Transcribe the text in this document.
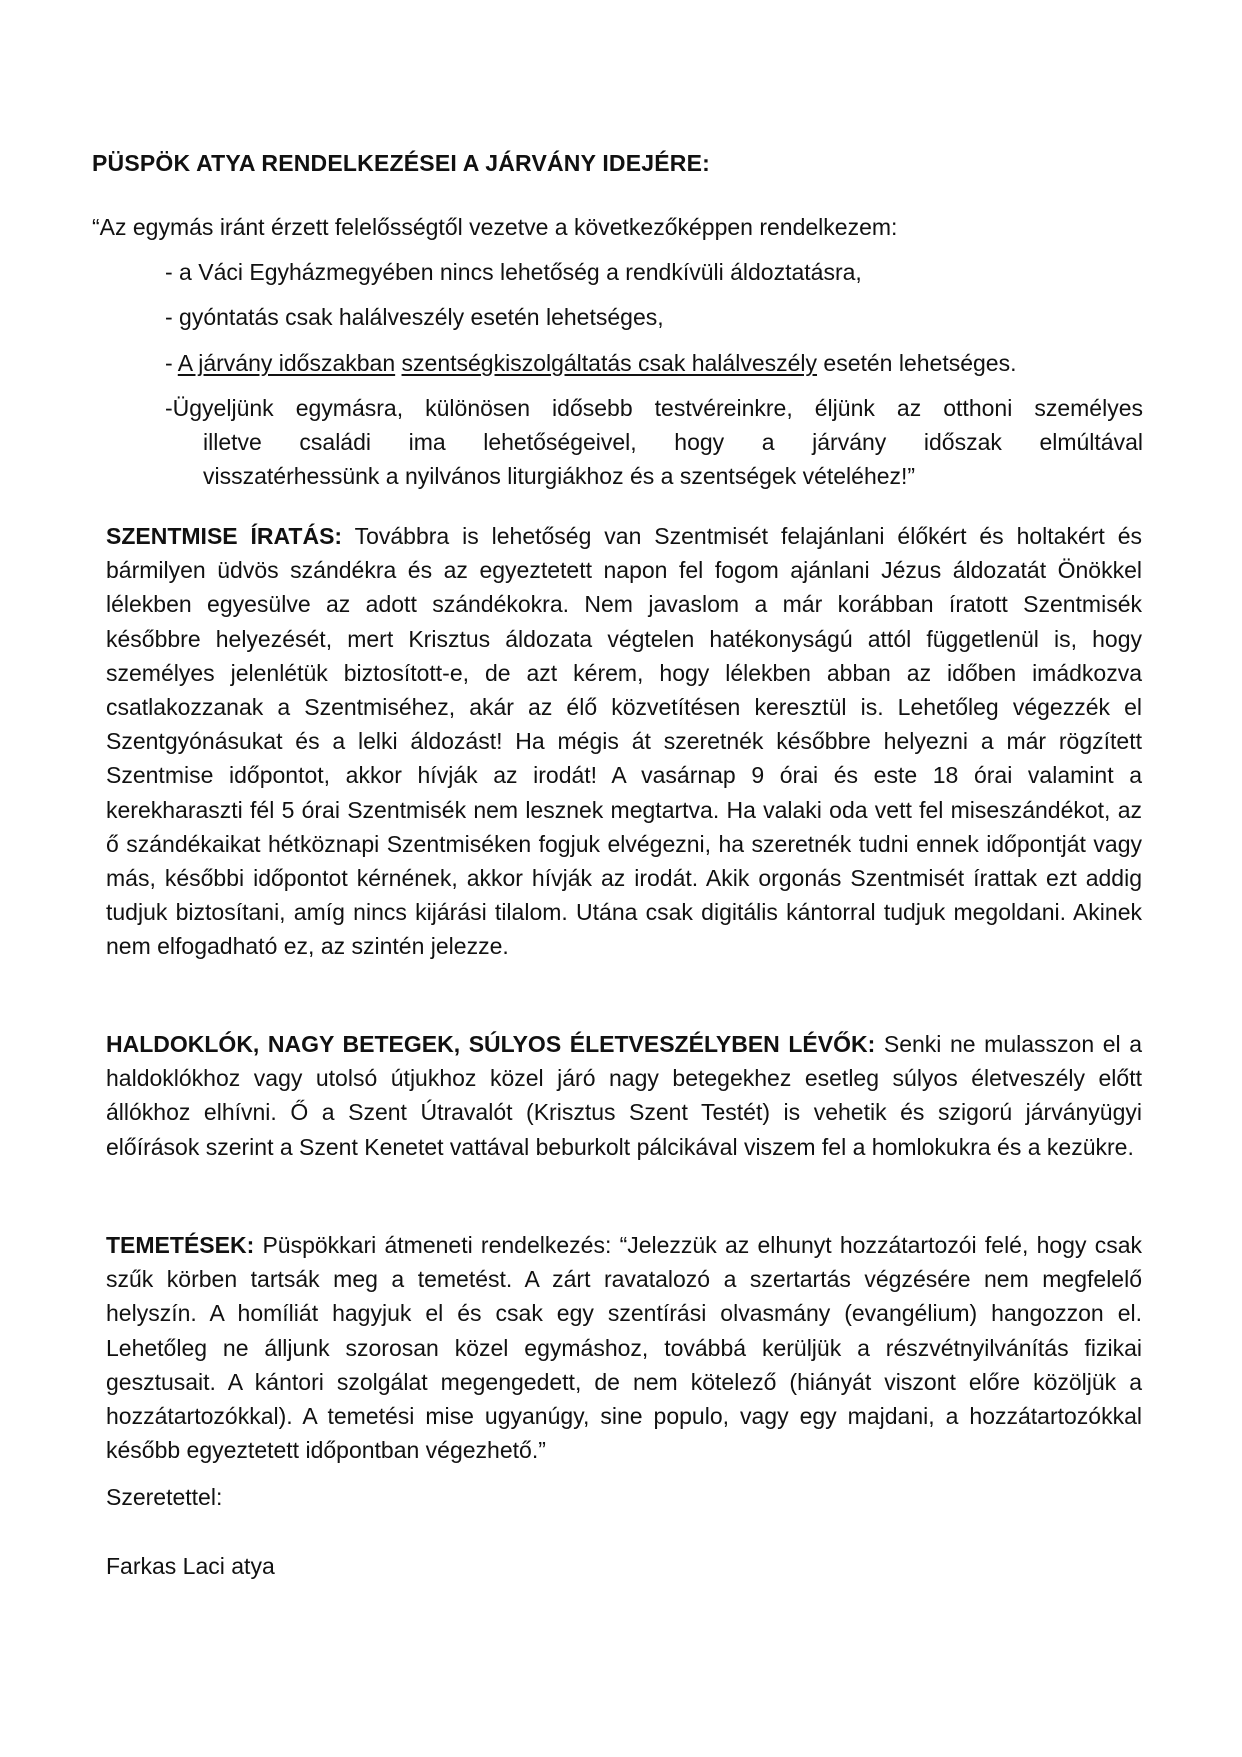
PÜSPÖK ATYA RENDELKEZÉSEI A JÁRVÁNY IDEJÉRE:

“Az egymás iránt érzett felelősségtől vezetve a következőképpen rendelkezem:

- a Váci Egyházmegyében nincs lehetőség a rendkívüli áldoztatásra,

- gyóntatás csak halálveszély esetén lehetséges,

- A járvány időszakban szentségkiszolgáltatás csak halálveszély esetén lehetséges.

-Ügyeljünk egymásra, különösen idősebb testvéreinkre, éljünk az otthoni személyes
illetve családi ima lehetőségeivel, hogy a járvány időszak elmúltával
visszatérhessünk a nyilvános liturgiákhoz és a szentségek vételéhez!”

SZENTMISE ÍRATÁS: Továbbra is lehetőség van Szentmisét felajánlani élőkért és holtakért és bármilyen üdvös szándékra és az egyeztetett napon fel fogom ajánlani Jézus áldozatát Önökkel lélekben egyesülve az adott szándékokra. Nem javaslom a már korábban íratott Szentmisék későbbre helyezését, mert Krisztus áldozata végtelen hatékonyságú attól függetlenül is, hogy személyes jelenlétük biztosított-e, de azt kérem, hogy lélekben abban az időben imádkozva csatlakozzanak a Szentmiséhez, akár az élő közvetítésen keresztül is. Lehetőleg végezzék el Szentgyónásukat és a lelki áldozást! Ha mégis át szeretnék későbbre helyezni a már rögzített Szentmise időpontot, akkor hívják az irodát! A vasárnap 9 órai és este 18 órai valamint a kerekharaszti fél 5 órai Szentmisék nem lesznek megtartva. Ha valaki oda vett fel miseszándékot, az ő szándékaikat hétköznapi Szentmiséken fogjuk elvégezni, ha szeretnék tudni ennek időpontját vagy más, későbbi időpontot kérnének, akkor hívják az irodát. Akik orgonás Szentmisét írattak ezt addig tudjuk biztosítani, amíg nincs kijárási tilalom. Utána csak digitális kántorral tudjuk megoldani. Akinek nem elfogadható ez, az szintén jelezze.

HALDOKLÓK, NAGY BETEGEK, SÚLYOS ÉLETVESZÉLYBEN LÉVŐK: Senki ne mulasszon el a haldoklókhoz vagy utolsó útjukhoz közel járó nagy betegekhez esetleg súlyos életveszély előtt állókhoz elhívni. Ő a Szent Útravalót (Krisztus Szent Testét) is vehetik és szigorú járványügyi előírások szerint a Szent Kenetet vattával beburkolt pálcikával viszem fel a homlokukra és a kezükre.

TEMETÉSEK: Püspökkari átmeneti rendelkezés: “Jelezzük az elhunyt hozzátartozói felé, hogy csak szűk körben tartsák meg a temetést. A zárt ravatalozó a szertartás végzésére nem megfelelő helyszín. A homíliát hagyjuk el és csak egy szentírási olvasmány (evangélium) hangozzon el. Lehetőleg ne álljunk szorosan közel egymáshoz, továbbá kerüljük a részvétnyilvánítás fizikai gesztusait. A kántori szolgálat megengedett, de nem kötelező (hiányát viszont előre közöljük a hozzátartozókkal). A temetési mise ugyanúgy, sine populo, vagy egy majdani, a hozzátartozókkal később egyeztetett időpontban végezhető.”

Szeretettel:

Farkas Laci atya
